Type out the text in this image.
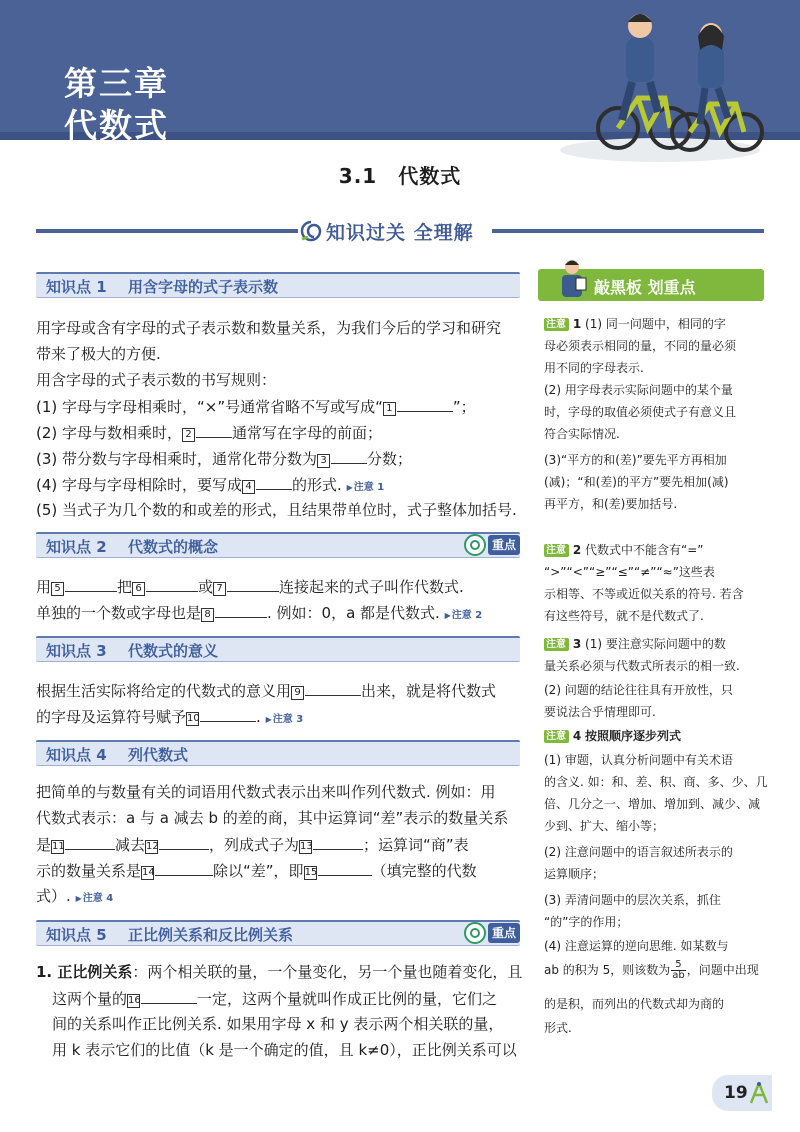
第三章
代数式
3.1　代数式
知识过关 全理解
知识点 1 用含字母的式子表示数
用字母或含有字母的式子表示数和数量关系，为我们今后的学习和研究
带来了极大的方便.
用含字母的式子表示数的书写规则：
(1) 字母与字母相乘时，“×”号通常省略不写或写成“ 1	”；
(2) 字母与数相乘时， 2	通常写在字母的前面；
(3) 带分数与字母相乘时，通常化带分数为 3	分数；
(4) 字母与字母相除时，要写成 4	的形式. ▶ 注意 1
(5) 当式子为几个数的和或差的形式，且结果带单位时，式子整体加括号.
知识点 2 代数式的概念	重点
用 5	把 6	或 7	连接起来的式子叫作代数式.
单独的一个数或字母也是 8	. 例如：0，a 都是代数式. ▶ 注意 2
知识点 3 代数式的意义
根据生活实际将给定的代数式的意义用 9	出来，就是将代数式
的字母及运算符号赋予10	. ▶ 注意 3
知识点 4 列代数式
把简单的与数量有关的词语用代数式表示出来叫作列代数式. 例如：用
代数式表示：a 与 a 减去 b 的差的商，其中运算词“差”表示的数量关系
是11	减去12	，列成式子为13	；运算词“商”表
示的数量关系是14	除以“差”，即15	（填完整的代数
式）. ▶ 注意 4
知识点 5 正比例关系和反比例关系	重点
1. 正比例关系：两个相关联的量，一个量变化，另一个量也随着变化，且
这两个量的16	一定，这两个量就叫作成正比例的量，它们之
间的关系叫作正比例关系. 如果用字母 x 和 y 表示两个相关联的量，
用 k 表示它们的比值（k 是一个确定的值，且 k≠0），正比例关系可以
敲黑板 划重点
注意 1 (1) 同一问题中，相同的字
母必须表示相同的量，不同的量必须
用不同的字母表示.
(2) 用字母表示实际问题中的某个量
时，字母的取值必须使式子有意义且
符合实际情况.
(3)“平方的和(差)”要先平方再相加
(减)；“和(差)的平方”要先相加(减)
再平方，和(差)要加括号.
注意 2 代数式中不能含有“=”
“>”“<”“≥”“≤”“≠”“≈”这些表
示相等、不等或近似关系的符号. 若含
有这些符号，就不是代数式了.
注意 3 (1) 要注意实际问题中的数
量关系必须与代数式所表示的相一致.
(2) 问题的结论往往具有开放性，只
要说法合乎情理即可.
注意 4 按照顺序逐步列式
(1) 审题，认真分析问题中有关术语
的含义. 如：和、差、积、商、多、少、几
倍、几分之一、增加、增加到、减少、减
少到、扩大、缩小等；
(2) 注意问题中的语言叙述所表示的
运算顺序；
(3) 弄清问题中的层次关系，抓住
“的”字的作用；
(4) 注意运算的逆向思维. 如某数与
ab 的积为 5，则该数为 $\frac{5}{ab}$ ，问题中出现
的是积，而列出的代数式却为商的
形式.
19
